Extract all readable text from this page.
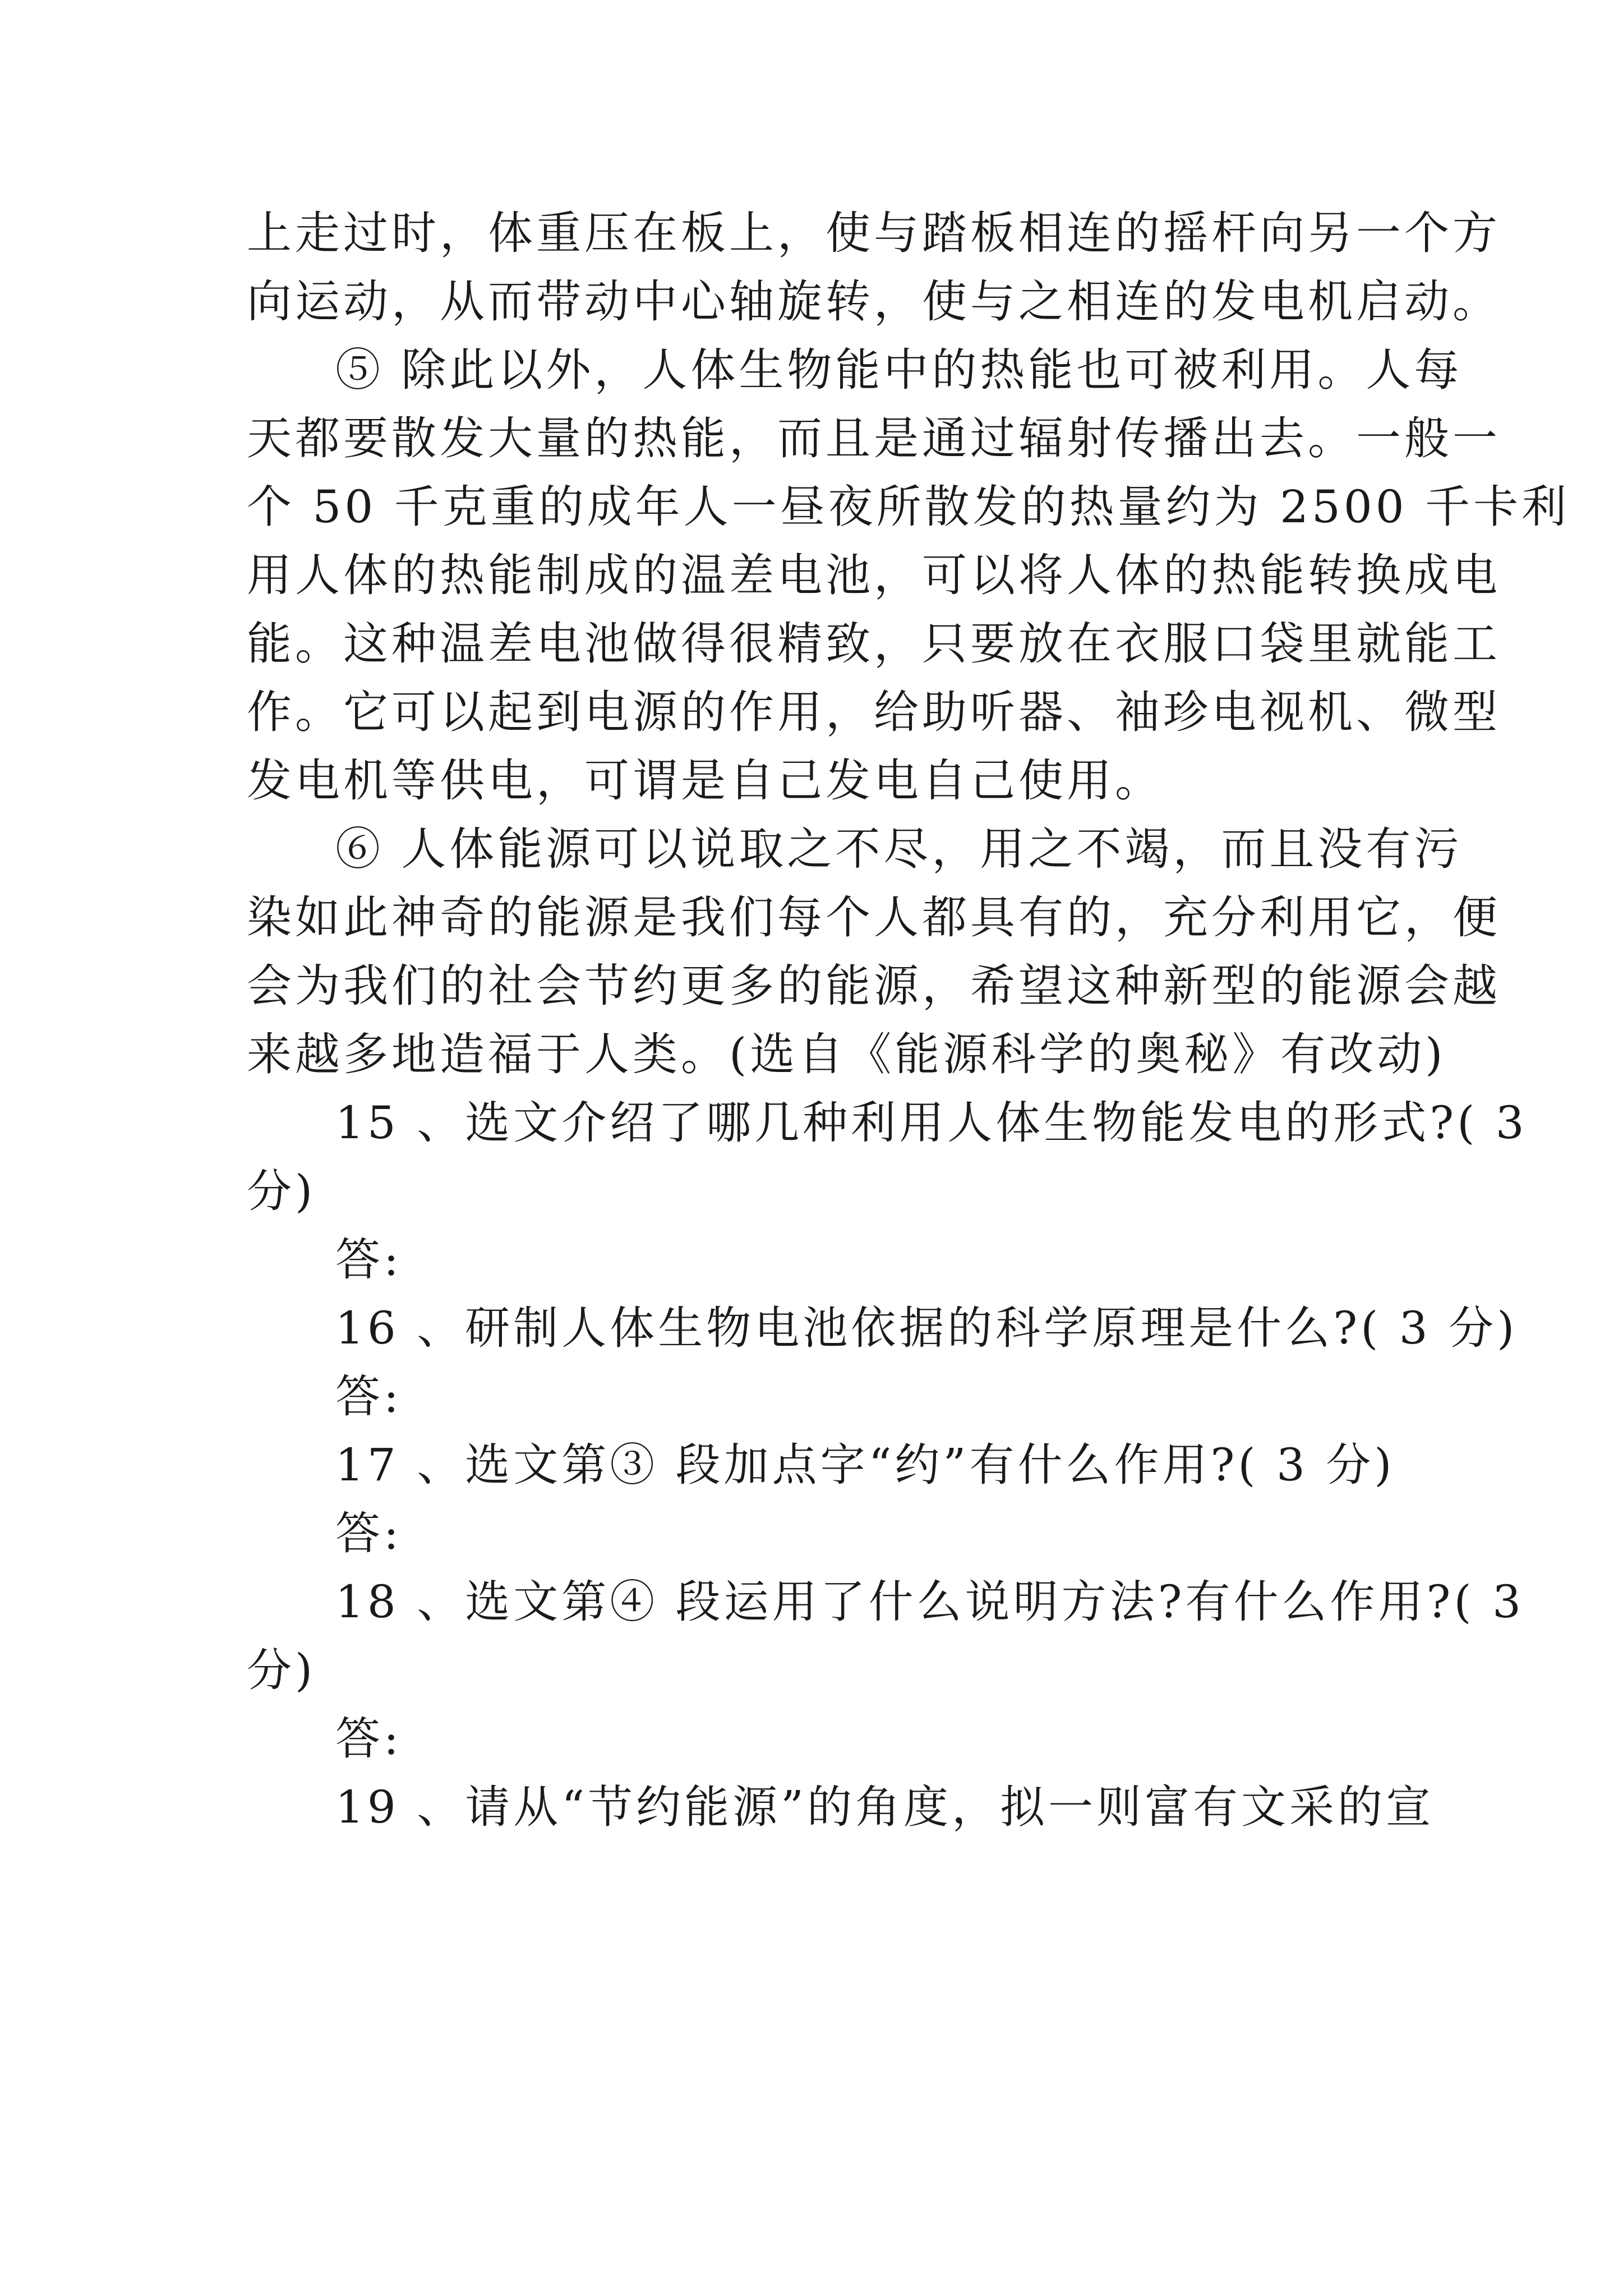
上走过时，体重压在板上，使与踏板相连的摇杆向另一个方
向运动，从而带动中心轴旋转，使与之相连的发电机启动。
⑤ 除此以外，人体生物能中的热能也可被利用。人每
天都要散发大量的热能，而且是通过辐射传播出去。一般一
个 50 千克重的成年人一昼夜所散发的热量约为 2500 千卡利
用人体的热能制成的温差电池，可以将人体的热能转换成电
能。这种温差电池做得很精致，只要放在衣服口袋里就能工
作。它可以起到电源的作用，给助听器、袖珍电视机、微型
发电机等供电，可谓是自己发电自己使用。
⑥ 人体能源可以说取之不尽，用之不竭，而且没有污
染如此神奇的能源是我们每个人都具有的，充分利用它，便
会为我们的社会节约更多的能源，希望这种新型的能源会越
来越多地造福于人类。(选自《能源科学的奥秘》有改动)
15 、选文介绍了哪几种利用人体生物能发电的形式?( 3
分)
答:
16 、研制人体生物电池依据的科学原理是什么?( 3 分)
答:
17 、选文第③ 段加点字“约”有什么作用?( 3 分)
答:
18 、选文第④ 段运用了什么说明方法?有什么作用?( 3
分)
答:
19 、请从“节约能源”的角度，拟一则富有文采的宣
